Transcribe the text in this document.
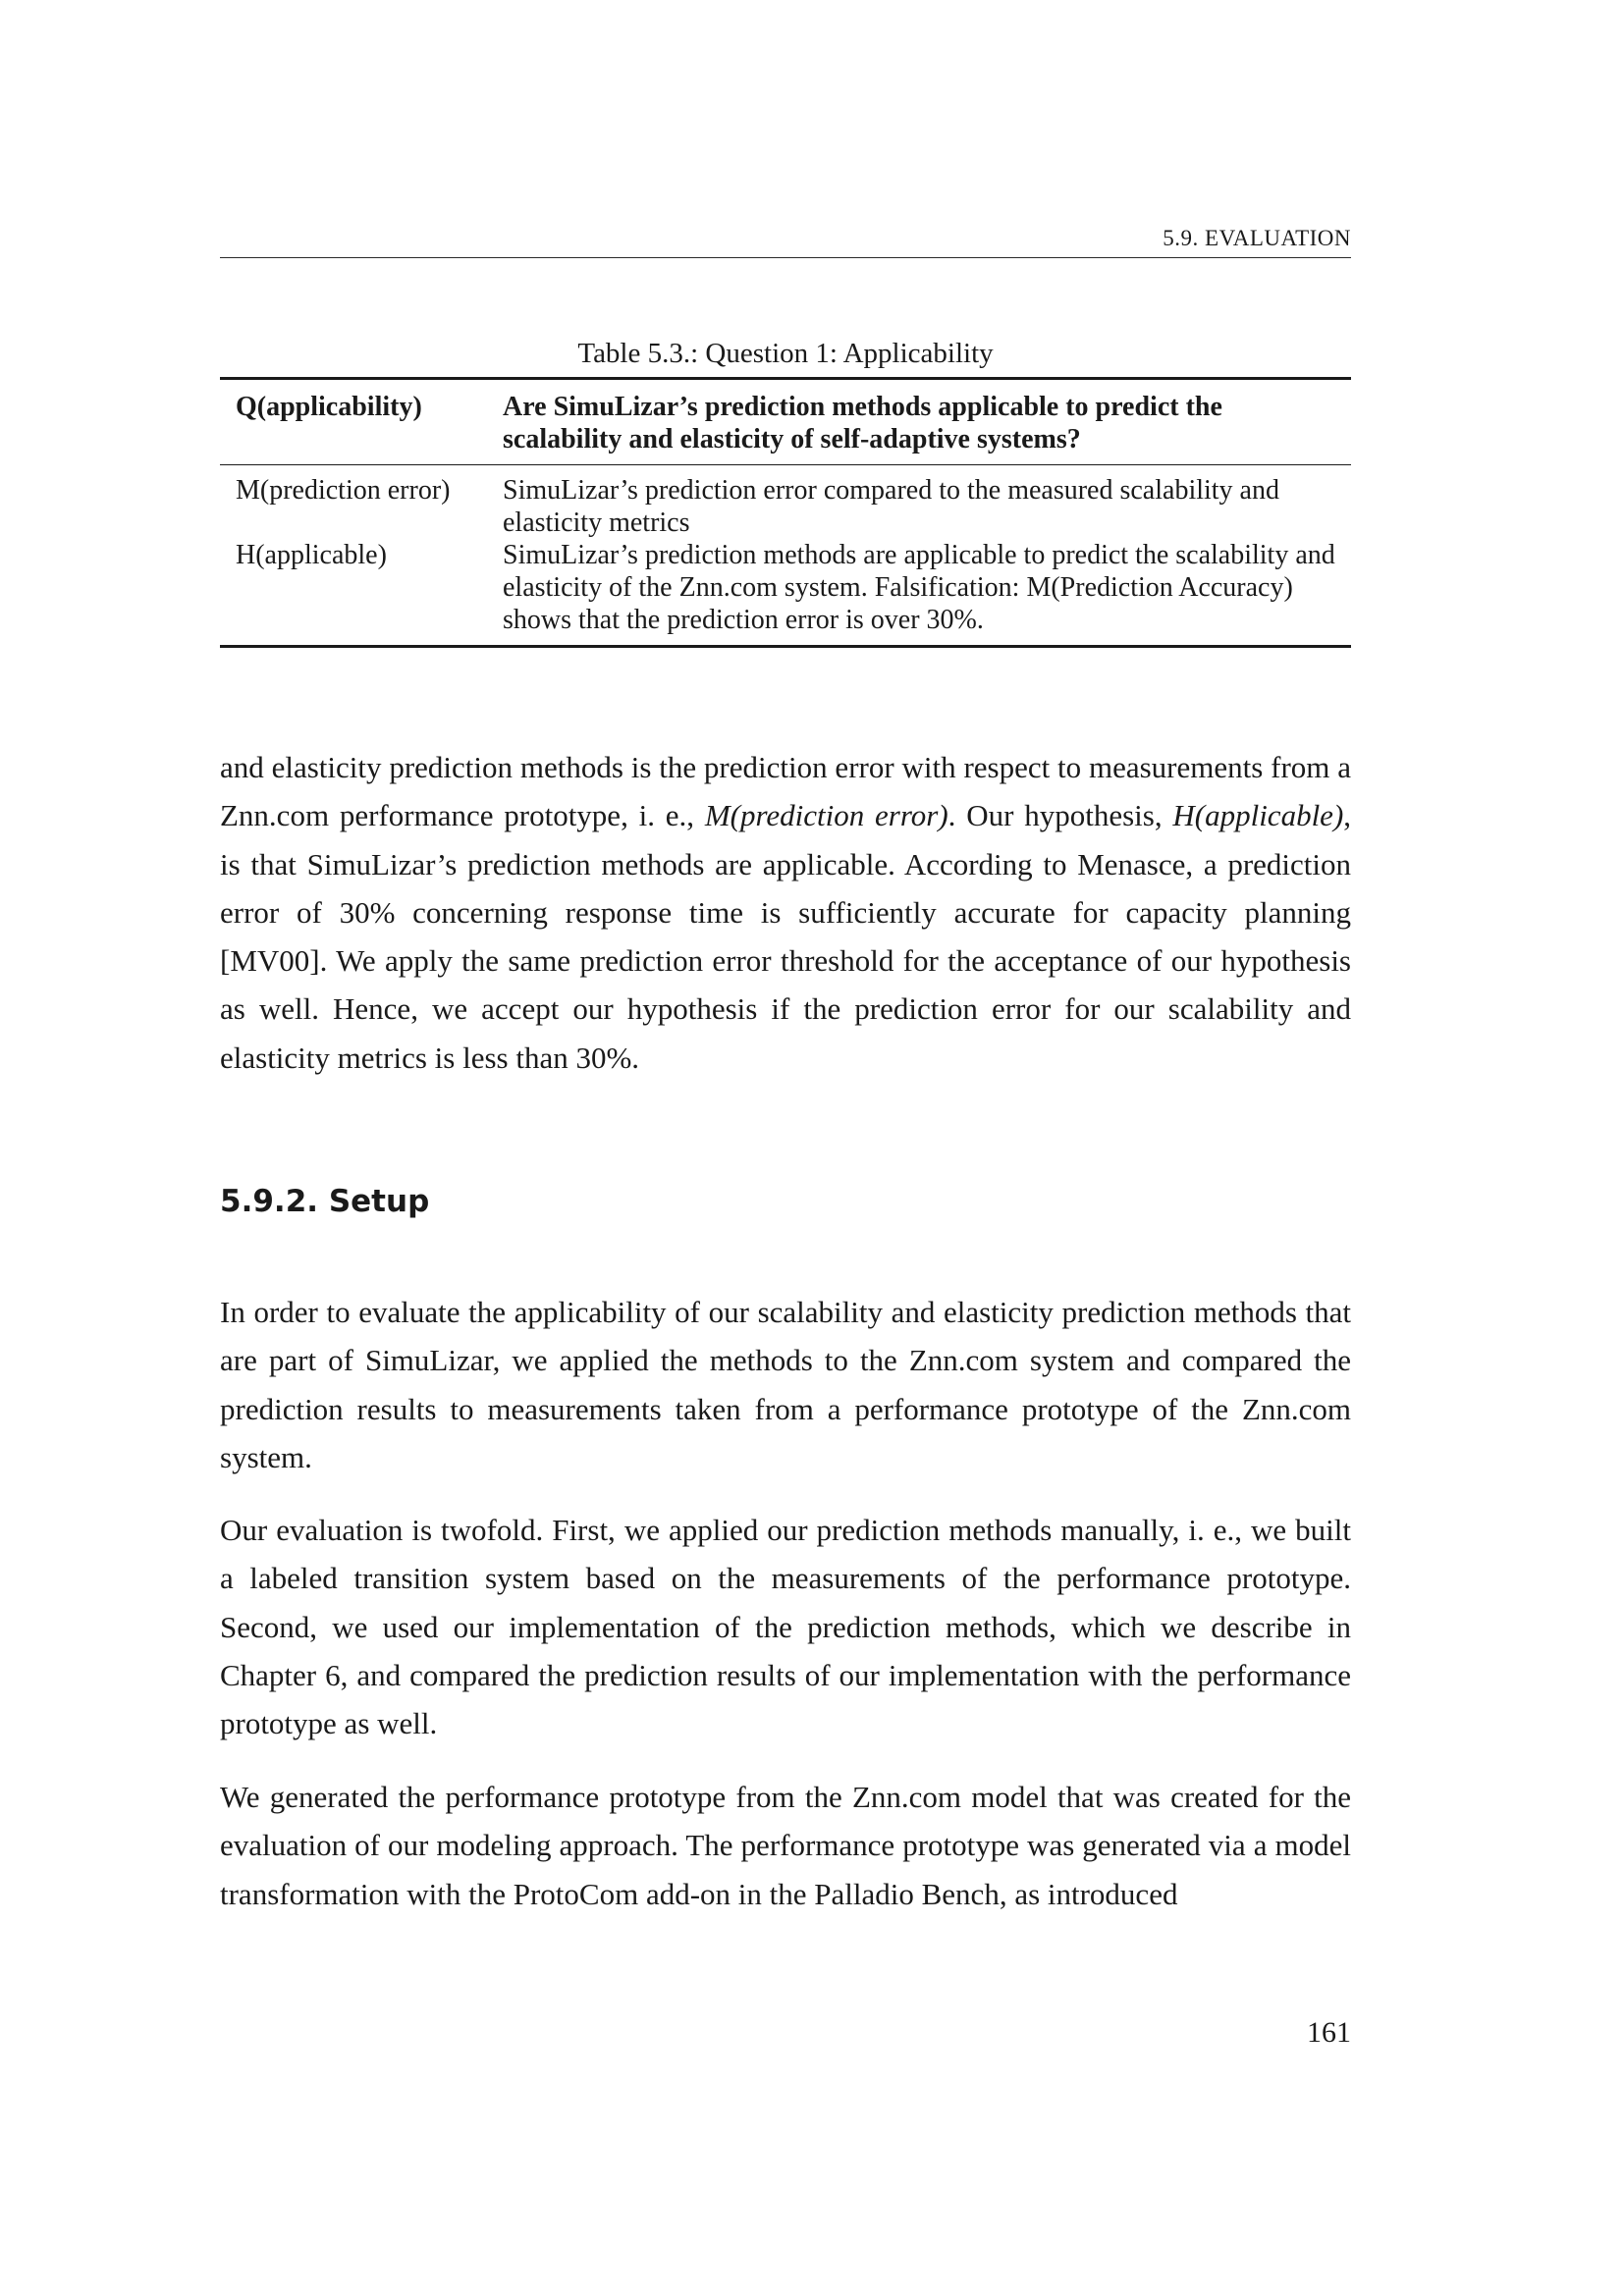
5.9. EVALUATION
Table 5.3.: Question 1: Applicability
Q(applicability)	Are SimuLizar’s prediction methods applicable to predict the scalability and elasticity of self-adaptive systems?
M(prediction error)	SimuLizar’s prediction error compared to the measured scalability and elasticity metrics
H(applicable)	SimuLizar’s prediction methods are applicable to predict the scalability and elasticity of the Znn.com system. Falsification: M(Prediction Accuracy) shows that the prediction error is over 30%.

and elasticity prediction methods is the prediction error with respect to measurements from a Znn.com performance prototype, i. e., M(prediction error). Our hypothesis, H(applicable), is that SimuLizar’s prediction methods are applicable. According to Menasce, a prediction error of 30% concerning response time is sufficiently accurate for capacity planning [MV00]. We apply the same prediction error threshold for the acceptance of our hypothesis as well. Hence, we accept our hypothesis if the prediction error for our scalability and elasticity metrics is less than 30%.

5.9.2. Setup

In order to evaluate the applicability of our scalability and elasticity prediction methods that are part of SimuLizar, we applied the methods to the Znn.com system and compared the prediction results to measurements taken from a performance prototype of the Znn.com system.

Our evaluation is twofold. First, we applied our prediction methods manually, i. e., we built a labeled transition system based on the measurements of the performance prototype. Second, we used our implementation of the prediction methods, which we describe in Chapter 6, and compared the prediction results of our implementation with the performance prototype as well.

We generated the performance prototype from the Znn.com model that was created for the evaluation of our modeling approach. The performance prototype was generated via a model transformation with the ProtoCom add-on in the Palladio Bench, as introduced

161
